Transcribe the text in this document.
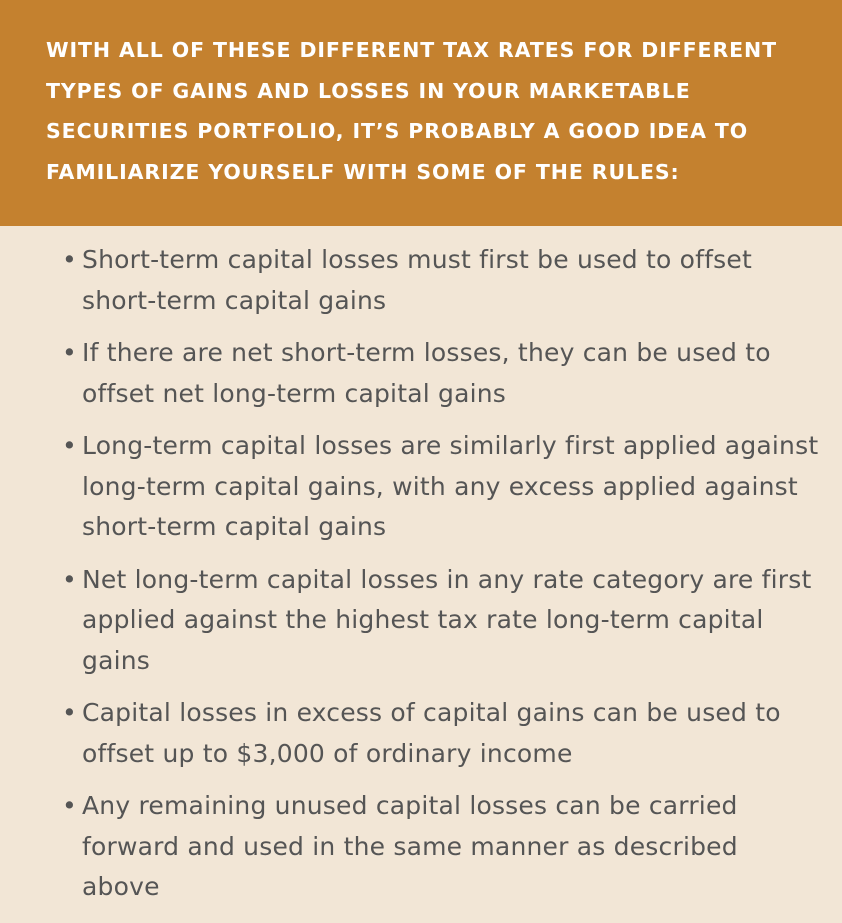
WITH ALL OF THESE DIFFERENT TAX RATES FOR DIFFERENT TYPES OF GAINS AND LOSSES IN YOUR MARKETABLE SECURITIES PORTFOLIO, IT’S PROBABLY A GOOD IDEA TO FAMILIARIZE YOURSELF WITH SOME OF THE RULES:

• Short-term capital losses must first be used to offset short-term capital gains
• If there are net short-term losses, they can be used to offset net long-term capital gains
• Long-term capital losses are similarly first applied against long-term capital gains, with any excess applied against short-term capital gains
• Net long-term capital losses in any rate category are first applied against the highest tax rate long-term capital gains
• Capital losses in excess of capital gains can be used to offset up to $3,000 of ordinary income
• Any remaining unused capital losses can be carried forward and used in the same manner as described above
